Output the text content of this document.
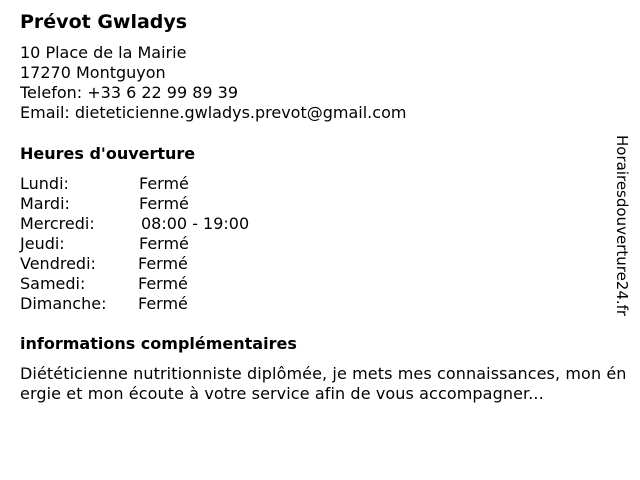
Prévot Gwladys
10 Place de la Mairie
17270 Montguyon
Telefon: +33 6 22 99 89 39
Email: dieteticienne.gwladys.prevot@gmail.com
Heures d'ouverture
Lundi:	Fermé
Mardi:	Fermé
Mercredi:	08:00 - 19:00
Jeudi:	Fermé
Vendredi:	Fermé
Samedi:	Fermé
Dimanche: Fermé
informations complémentaires
Diététicienne nutritionniste diplômée, je mets mes connaissances, mon énergie et mon écoute à votre service afin de vous accompagner...
Horairesdouverture24.fr
